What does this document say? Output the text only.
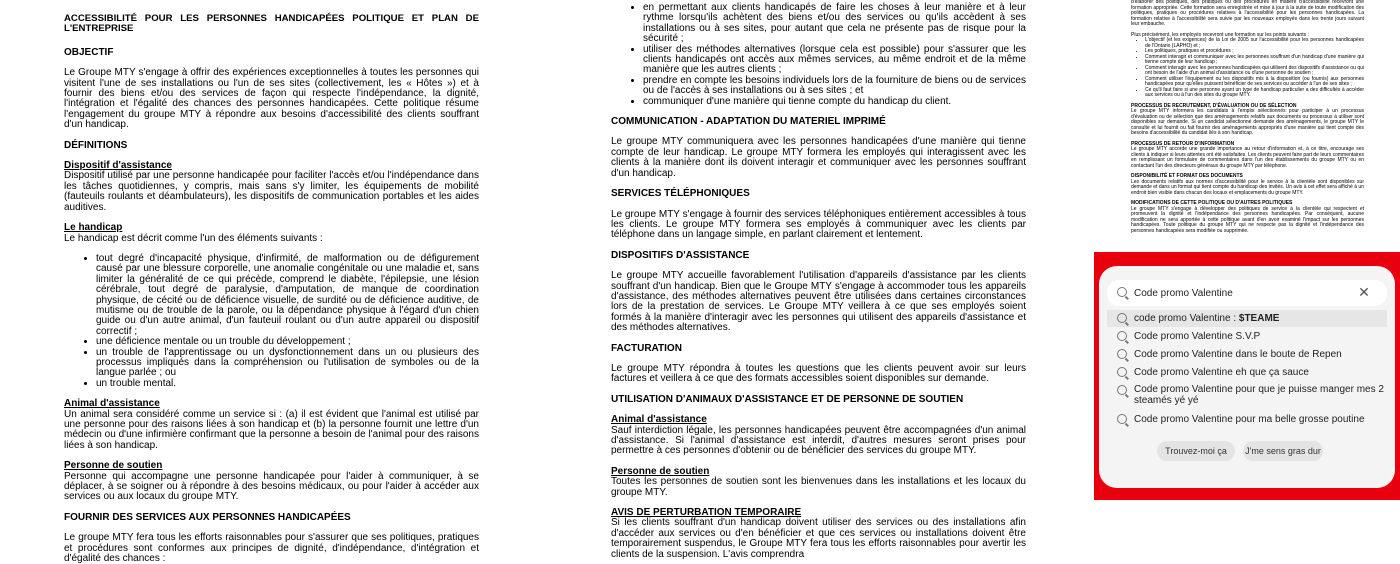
ACCESSIBILITÉ POUR LES PERSONNES HANDICAPÉES POLITIQUE ET PLAN DE L'ENTREPRISE

OBJECTIF

Le Groupe MTY s'engage à offrir des expériences exceptionnelles à toutes les personnes qui visitent l'une de ses installations ou l'un de ses sites (collectivement, les « Hôtes ») et à fournir des biens et/ou des services de façon qui respecte l'indépendance, la dignité, l'intégration et l'égalité des chances des personnes handicapées. Cette politique résume l'engagement du groupe MTY à répondre aux besoins d'accessibilité des clients souffrant d'un handicap.

DÉFINITIONS

Dispositif d'assistance

Dispositif utilisé par une personne handicapée pour faciliter l'accès et/ou l'indépendance dans les tâches quotidiennes, y compris, mais sans s'y limiter, les équipements de mobilité (fauteuils roulants et déambulateurs), les dispositifs de communication portables et les aides auditives.

Le handicap

Le handicap est décrit comme l'un des éléments suivants :

• tout degré d'incapacité physique, d'infirmité, de malformation ou de défigurement causé par une blessure corporelle, une anomalie congénitale ou une maladie et, sans limiter la généralité de ce qui précède, comprend le diabète, l'épilepsie, une lésion cérébrale, tout degré de paralysie, d'amputation, de manque de coordination physique, de cécité ou de déficience visuelle, de surdité ou de déficience auditive, de mutisme ou de trouble de la parole, ou la dépendance physique à l'égard d'un chien guide ou d'un autre animal, d'un fauteuil roulant ou d'un autre appareil ou dispositif correctif ;
• une déficience mentale ou un trouble du développement ;
• un trouble de l'apprentissage ou un dysfonctionnement dans un ou plusieurs des processus impliqués dans la compréhension ou l'utilisation de symboles ou de la langue parlée ; ou
• un trouble mental.

Animal d'assistance

Un animal sera considéré comme un service si : (a) il est évident que l'animal est utilisé par une personne pour des raisons liées à son handicap et (b) la personne fournit une lettre d'un médecin ou d'une infirmière confirmant que la personne a besoin de l'animal pour des raisons liées à son handicap.

Personne de soutien

Personne qui accompagne une personne handicapée pour l'aider à communiquer, à se déplacer, à se soigner ou à répondre à des besoins médicaux, ou pour l'aider à accéder aux services ou aux locaux du groupe MTY.

FOURNIR DES SERVICES AUX PERSONNES HANDICAPÉES

Le groupe MTY fera tous les efforts raisonnables pour s'assurer que ses politiques, pratiques et procédures sont conformes aux principes de dignité, d'indépendance, d'intégration et d'égalité des chances :

• en permettant aux clients handicapés de faire les choses à leur manière et à leur rythme lorsqu'ils achètent des biens et/ou des services ou qu'ils accèdent à ses installations ou à ses sites, pour autant que cela ne présente pas de risque pour la sécurité ;
• utiliser des méthodes alternatives (lorsque cela est possible) pour s'assurer que les clients handicapés ont accès aux mêmes services, au même endroit et de la même manière que les autres clients ;
• prendre en compte les besoins individuels lors de la fourniture de biens ou de services ou de l'accès à ses installations ou à ses sites ; et
• communiquer d'une manière qui tienne compte du handicap du client.

COMMUNICATION - ADAPTATION DU MATERIEL IMPRIMÉ

Le groupe MTY communiquera avec les personnes handicapées d'une manière qui tienne compte de leur handicap. Le groupe MTY formera les employés qui interagissent avec les clients à la manière dont ils doivent interagir et communiquer avec les personnes souffrant d'un handicap.

SERVICES TÉLÉPHONIQUES

Le groupe MTY s'engage à fournir des services téléphoniques entièrement accessibles à tous les clients. Le groupe MTY formera ses employés à communiquer avec les clients par téléphone dans un langage simple, en parlant clairement et lentement.

DISPOSITIFS D'ASSISTANCE

Le groupe MTY accueille favorablement l'utilisation d'appareils d'assistance par les clients souffrant d'un handicap. Bien que le Groupe MTY s'engage à accommoder tous les appareils d'assistance, des méthodes alternatives peuvent être utilisées dans certaines circonstances lors de la prestation de services. Le Groupe MTY veillera à ce que ses employés soient formés à la manière d'interagir avec les personnes qui utilisent des appareils d'assistance et des méthodes alternatives.

FACTURATION

Le groupe MTY répondra à toutes les questions que les clients peuvent avoir sur leurs factures et veillera à ce que des formats accessibles soient disponibles sur demande.

UTILISATION D'ANIMAUX D'ASSISTANCE ET DE PERSONNE DE SOUTIEN

Animal d'assistance

Sauf interdiction légale, les personnes handicapées peuvent être accompagnées d'un animal d'assistance. Si l'animal d'assistance est interdit, d'autres mesures seront prises pour permettre à ces personnes d'obtenir ou de bénéficier des services du groupe MTY.

Personne de soutien

Toutes les personnes de soutien sont les bienvenues dans les installations et les locaux du groupe MTY.

AVIS DE PERTURBATION TEMPORAIRE

Si les clients souffrant d'un handicap doivent utiliser des services ou des installations afin d'accéder aux services ou d'en bénéficier et que ces services ou installations doivent être temporairement suspendus, le Groupe MTY fera tous les efforts raisonnables pour avertir les clients de la suspension. L'avis comprendra

d'élaborer des politiques, des pratiques ou des procédures en matière d'accessibilité recevront une formation appropriée. Cette formation sera enregistrée et mise à jour à la suite de toute modification des politiques, pratiques ou procédures relatives à l'accessibilité pour les personnes handicapées. La formation relative à l'accessibilité sera suivie par les nouveaux employés dans les trente jours suivant leur embauche.

Plus précisément, les employés recevront une formation sur les points suivants :

• L'objectif (et les exigences) de la Loi de 2005 sur l'accessibilité pour les personnes handicapées de l'Ontario (LAPHO) et ;
• Les politiques, pratiques et procédures ;
• Comment interagir et communiquer avec les personnes souffrant d'un handicap d'une manière qui tienne compte de leur handicap ;
• Comment interagir avec les personnes handicapées qui utilisent des dispositifs d'assistance ou qui ont besoin de l'aide d'un animal d'assistance ou d'une personne de soutien ;
• Comment utiliser l'équipement ou les dispositifs mis à la disposition (ou fournis) aux personnes handicapées pour qu'elles puissent bénéficier de ses services ou accéder à l'un de ses sites ;
• Ce qu'il faut faire si une personne ayant un type de handicap particulier a des difficultés à accéder aux services ou à l'un des sites du groupe MTY.

PROCESSUS DE RECRUTEMENT, D'ÉVALUATION OU DE SÉLECTION

Le groupe MTY informera les candidats à l'emploi sélectionnés pour participer à un processus d'évaluation ou de sélection que des aménagements relatifs aux documents ou processus à utiliser sont disponibles sur demande. Si un candidat sélectionné demande des aménagements, le groupe MTY le consulte et lui fournit ou fait fournir des aménagements appropriés d'une manière qui tient compte des besoins d'accessibilité du candidat liés à son handicap.

PROCESSUS DE RETOUR D'INFORMATION

Le groupe MTY accorde une grande importance au retour d'information et, à ce titre, encourage ses clients à indiquer si leurs attentes ont été satisfaites. Les clients peuvent faire part de leurs commentaires en remplissant un formulaire de commentaires dans l'un des établissements du groupe MTY ou en contactant l'un des directeurs généraux du groupe MTY par téléphone.

DISPONIBILITÉ ET FORMAT DES DOCUMENTS

Les documents relatifs aux normes d'accessibilité pour le service à la clientèle sont disponibles sur demande et dans un format qui tient compte du handicap des invités. Un avis à cet effet sera affiché à un endroit bien visible dans chacun des locaux et emplacements du groupe MTY.

MODIFICATIONS DE CETTE POLITIQUE OU D'AUTRES POLITIQUES

Le groupe MTY s'engage à développer des politiques de service à la clientèle qui respectent et promeuvent la dignité et l'indépendance des personnes handicapées. Par conséquent, aucune modification ne sera apportée à cette politique avant d'en avoir examiné l'impact sur les personnes handicapées. Toute politique du groupe MTY qui ne respecte pas la dignité et l'indépendance des personnes handicapées sera modifiée ou supprimée.

Code promo Valentine
✕
code promo Valentine : $TEAME
Code promo Valentine S.V.P
Code promo Valentine dans le boute de Repen
Code promo Valentine eh que ça sauce
Code promo Valentine pour que je puisse manger mes 2 steamés yé yé
Code promo Valentine pour ma belle grosse poutine
Trouvez-moi ça	J'me sens gras dur
